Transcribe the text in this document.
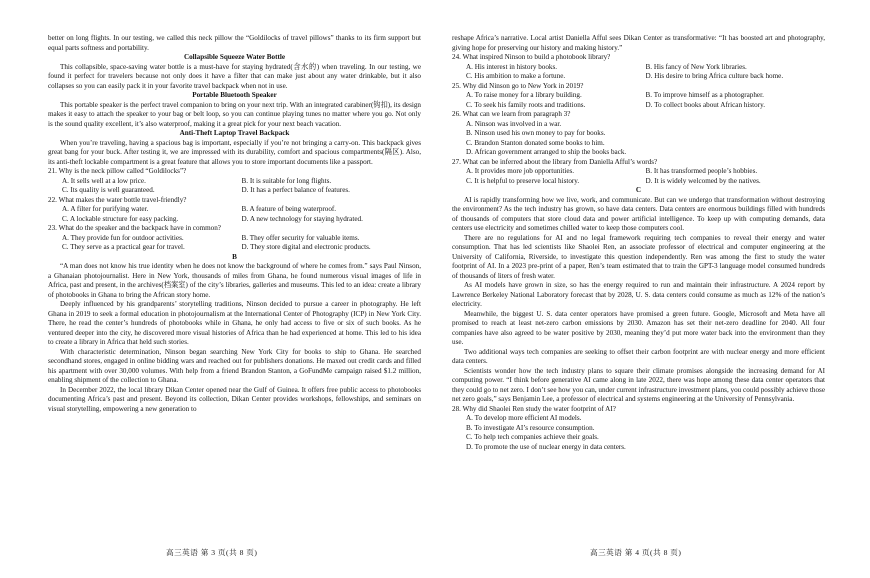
better on long flights. In our testing, we called this neck pillow the “Goldilocks of travel pillows” thanks to its firm support but equal parts softness and portability.

Collapsible Squeeze Water Bottle

This collapsible, space-saving water bottle is a must-have for staying hydrated(含水的) when traveling. In our testing, we found it perfect for travelers because not only does it have a filter that can make just about any water drinkable, but it also collapses so you can easily pack it in your favorite travel backpack when not in use.

Portable Bluetooth Speaker

This portable speaker is the perfect travel companion to bring on your next trip. With an integrated carabiner(钩扣), its design makes it easy to attach the speaker to your bag or belt loop, so you can continue playing tunes no matter where you go. Not only is the sound quality excellent, it’s also waterproof, making it a great pick for your next beach vacation.

Anti-Theft Laptop Travel Backpack

When you’re traveling, having a spacious bag is important, especially if you’re not bringing a carry-on. This backpack gives great bang for your buck. After testing it, we are impressed with its durability, comfort and spacious compartments(隔区). Also, its anti-theft lockable compartment is a great feature that allows you to store important documents like a passport.

21. Why is the neck pillow called “Goldilocks”?

A. It sells well at a low price.	B. It is suitable for long flights.
C. Its quality is well guaranteed.	D. It has a perfect balance of features.

22. What makes the water bottle travel-friendly?

A. A filter for purifying water.	B. A feature of being waterproof.
C. A lockable structure for easy packing.	D. A new technology for staying hydrated.

23. What do the speaker and the backpack have in common?

A. They provide fun for outdoor activities.	B. They offer security for valuable items.
C. They serve as a practical gear for travel.	D. They store digital and electronic products.

B

“A man does not know his true identity when he does not know the background of where he comes from.” says Paul Ninson, a Ghanaian photojournalist. Here in New York, thousands of miles from Ghana, he found numerous visual images of life in Africa, past and present, in the archives(档案室) of the city’s libraries, galleries and museums. This led to an idea: create a library of photobooks in Ghana to bring the African story home.

Deeply influenced by his grandparents’ storytelling traditions, Ninson decided to pursue a career in photography. He left Ghana in 2019 to seek a formal education in photojournalism at the International Center of Photography (ICP) in New York City. There, he read the center’s hundreds of photobooks while in Ghana, he only had access to five or six of such books. As he ventured deeper into the city, he discovered more visual histories of Africa than he had experienced at home. This led to his idea to create a library in Africa that held such stories.

With characteristic determination, Ninson began searching New York City for books to ship to Ghana. He searched secondhand stores, engaged in online bidding wars and reached out for publishers donations. He maxed out credit cards and filled his apartment with over 30,000 volumes. With help from a friend Brandon Stanton, a GoFundMe campaign raised $1.2 million, enabling shipment of the collection to Ghana.

In December 2022, the local library Dikan Center opened near the Gulf of Guinea. It offers free public access to photobooks documenting Africa’s past and present. Beyond its collection, Dikan Center provides workshops, fellowships, and seminars on visual storytelling, empowering a new generation to

reshape Africa’s narrative. Local artist Daniella Afful sees Dikan Center as transformative: “It has boosted art and photography, giving hope for preserving our history and making history.”

24. What inspired Ninson to build a photobook library?

A. His interest in history books.	B. His fancy of New York libraries.
C. His ambition to make a fortune.	D. His desire to bring Africa culture back home.

25. Why did Ninson go to New York in 2019?

A. To raise money for a library building.	B. To improve himself as a photographer.
C. To seek his family roots and traditions.	D. To collect books about African history.

26. What can we learn from paragraph 3?

A. Ninson was involved in a war.
B. Ninson used his own money to pay for books.
C. Brandon Stanton donated some books to him.
D. African government arranged to ship the books back.

27. What can be inferred about the library from Daniella Afful’s words?

A. It provides more job opportunities.	B. It has transformed people’s hobbies.
C. It is helpful to preserve local history.	D. It is widely welcomed by the natives.

C

AI is rapidly transforming how we live, work, and communicate. But can we undergo that transformation without destroying the environment? As the tech industry has grown, so have data centers. Data centers are enormous buildings filled with hundreds of thousands of computers that store cloud data and power artificial intelligence. To keep up with computing demands, data centers use electricity and sometimes chilled water to keep those computers cool.

There are no regulations for AI and no legal framework requiring tech companies to reveal their energy and water consumption. That has led scientists like Shaolei Ren, an associate professor of electrical and computer engineering at the University of California, Riverside, to investigate this question independently. Ren was among the first to study the water footprint of AI. In a 2023 pre-print of a paper, Ren’s team estimated that to train the GPT-3 language model consumed hundreds of thousands of liters of fresh water.

As AI models have grown in size, so has the energy required to run and maintain their infrastructure. A 2024 report by Lawrence Berkeley National Laboratory forecast that by 2028, U. S. data centers could consume as much as 12% of the nation’s electricity.

Meanwhile, the biggest U. S. data center operators have promised a green future. Google, Microsoft and Meta have all promised to reach at least net-zero carbon emissions by 2030. Amazon has set their net-zero deadline for 2040. All four companies have also agreed to be water positive by 2030, meaning they’d put more water back into the environment than they use.

Two additional ways tech companies are seeking to offset their carbon footprint are with nuclear energy and more efficient data centers.

Scientists wonder how the tech industry plans to square their climate promises alongside the increasing demand for AI computing power. “I think before generative AI came along in late 2022, there was hope among these data center operators that they could go to net zero. I don’t see how you can, under current infrastructure investment plans, you could possibly achieve those net zero goals,” says Benjamin Lee, a professor of electrical and systems engineering at the University of Pennsylvania.

28. Why did Shaolei Ren study the water footprint of AI?

A. To develop more efficient AI models.
B. To investigate AI’s resource consumption.
C. To help tech companies achieve their goals.
D. To promote the use of nuclear energy in data centers.
高三英语 第 3 页(共 8 页)	高三英语 第 4 页(共 8 页)
